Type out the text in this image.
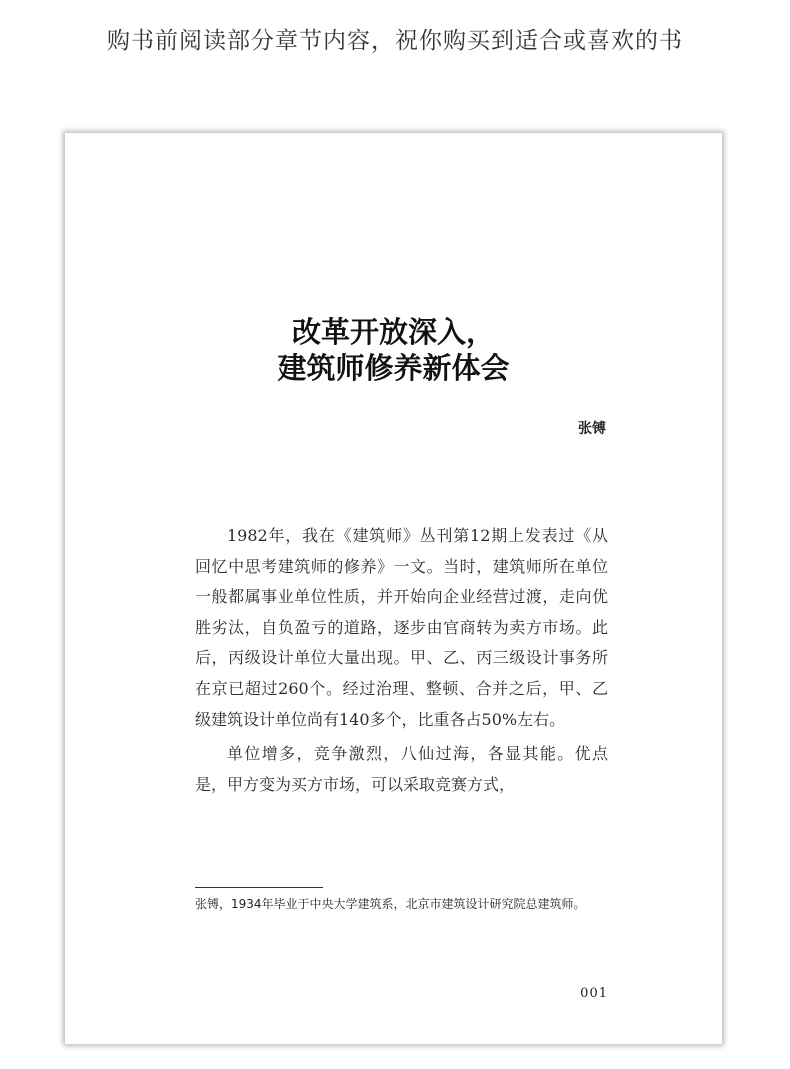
购书前阅读部分章节内容，祝你购买到适合或喜欢的书
改革开放深入，
建筑师修养新体会
张镈

1982年，我在《建筑师》丛刊第12期上发表过《从回忆中思考建筑师的修养》一文。当时，建筑师所在单位一般都属事业单位性质，并开始向企业经营过渡，走向优胜劣汰，自负盈亏的道路，逐步由官商转为卖方市场。此后，丙级设计单位大量出现。甲、乙、丙三级设计事务所在京已超过260个。经过治理、整顿、合并之后，甲、乙级建筑设计单位尚有140多个，比重各占50%左右。

单位增多，竞争激烈，八仙过海，各显其能。优点是，甲方变为买方市场，可以采取竞赛方式，

张镈，1934年毕业于中央大学建筑系，北京市建筑设计研究院总建筑师。
001
